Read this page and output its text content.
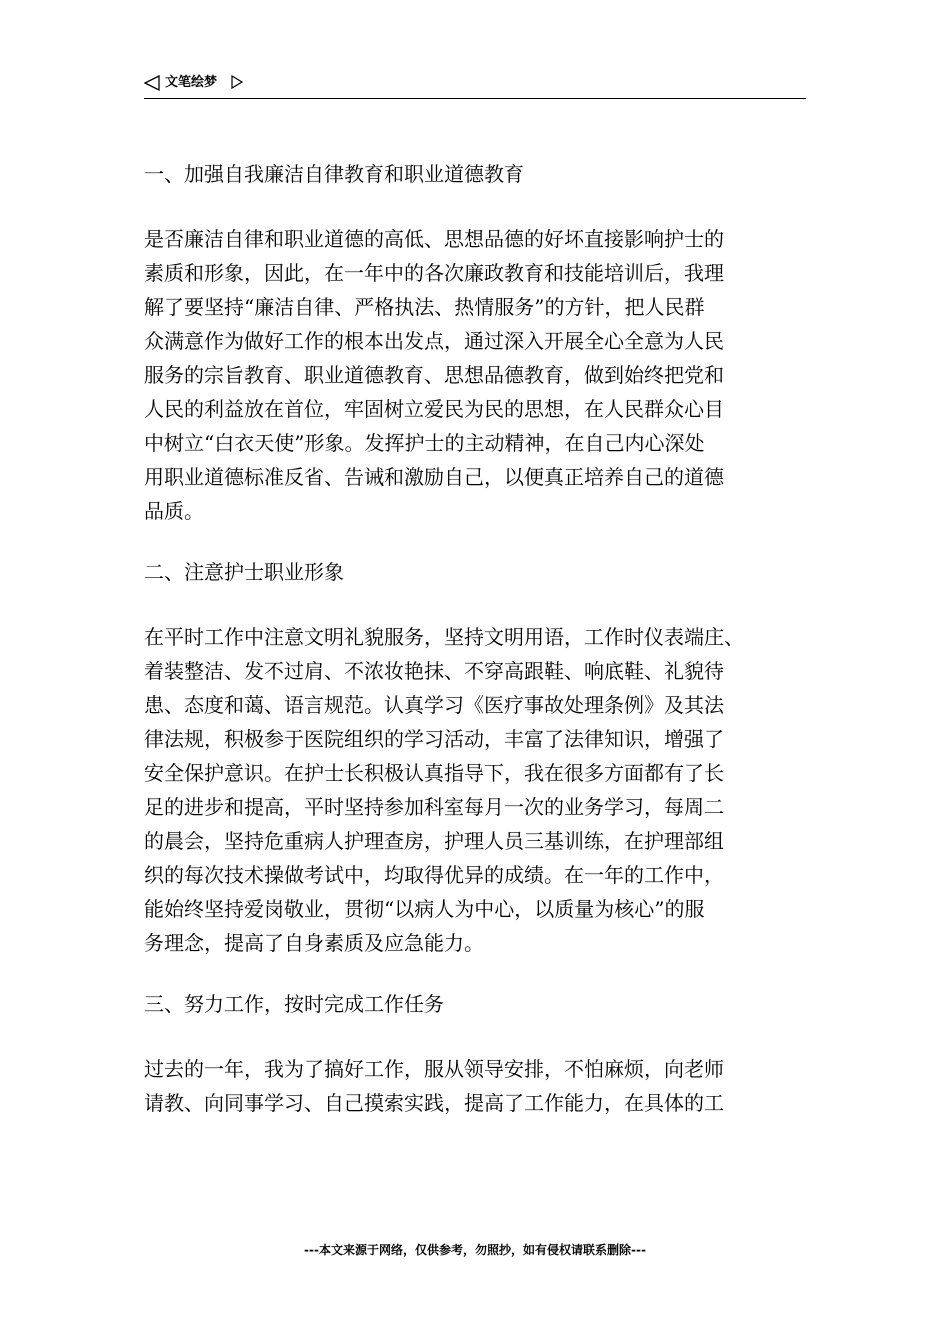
文笔绘梦
一、加强自我廉洁自律教育和职业道德教育

是否廉洁自律和职业道德的高低、思想品德的好坏直接影响护士的

素质和形象，因此，在一年中的各次廉政教育和技能培训后，我理

解了要坚持“廉洁自律、严格执法、热情服务”的方针，把人民群

众满意作为做好工作的根本出发点，通过深入开展全心全意为人民

服务的宗旨教育、职业道德教育、思想品德教育，做到始终把党和

人民的利益放在首位，牢固树立爱民为民的思想，在人民群众心目

中树立“白衣天使”形象。发挥护士的主动精神，在自己内心深处

用职业道德标准反省、告诫和激励自己，以便真正培养自己的道德

品质。

二、注意护士职业形象

在平时工作中注意文明礼貌服务，坚持文明用语，工作时仪表端庄、

着装整洁、发不过肩、不浓妆艳抹、不穿高跟鞋、响底鞋、礼貌待

患、态度和蔼、语言规范。认真学习《医疗事故处理条例》及其法

律法规，积极参于医院组织的学习活动，丰富了法律知识，增强了

安全保护意识。在护士长积极认真指导下，我在很多方面都有了长

足的进步和提高，平时坚持参加科室每月一次的业务学习，每周二

的晨会，坚持危重病人护理查房，护理人员三基训练，在护理部组

织的每次技术操做考试中，均取得优异的成绩。在一年的工作中，

能始终坚持爱岗敬业，贯彻“以病人为中心，以质量为核心”的服

务理念，提高了自身素质及应急能力。

三、努力工作，按时完成工作任务

过去的一年，我为了搞好工作，服从领导安排，不怕麻烦，向老师

请教、向同事学习、自己摸索实践，提高了工作能力，在具体的工

---本文来源于网络，仅供参考，勿照抄，如有侵权请联系删除---
